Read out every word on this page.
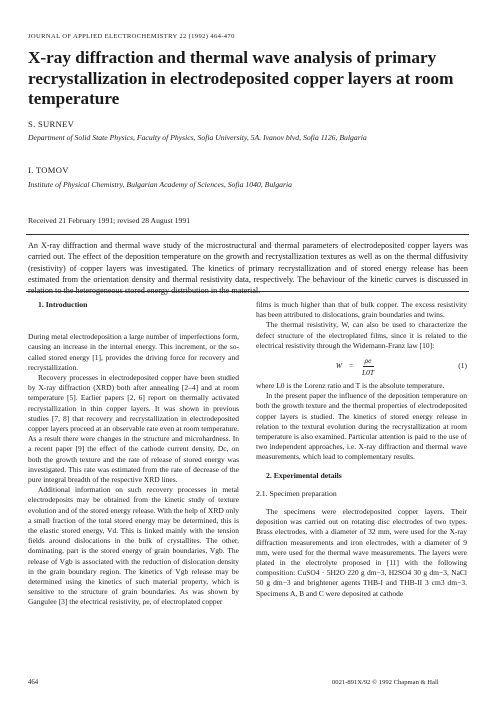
JOURNAL OF APPLIED ELECTROCHEMISTRY 22 (1992) 464-470
X-ray diffraction and thermal wave analysis of primary recrystallization in electrodeposited copper layers at room temperature
S. SURNEV
Department of Solid State Physics, Faculty of Physics, Sofia University, 5A. Ivanov blvd, Sofia 1126, Bulgaria
I. TOMOV
Institute of Physical Chemistry, Bulgarian Academy of Sciences, Sofia 1040, Bulgaria
Received 21 February 1991; revised 28 August 1991

An X-ray diffraction and thermal wave study of the microstructural and thermal parameters of electrodeposited copper layers was carried out. The effect of the deposition temperature on the growth and recrystallization textures as well as on the thermal diffusivity (resistivity) of copper layers was investigated. The kinetics of primary recrystallization and of stored energy release has been estimated from the orientation density and thermal resistivity data, respectively. The behaviour of the kinetic curves is discussed in relation to the heterogeneous stored energy distribution in the material.

1. Introduction

During metal electrodeposition a large number of imperfections form, causing an increase in the internal energy. This increment, or the so-called stored energy [1], provides the driving force for recovery and recrystallization.

Recovery processes in electrodeposited copper have been studied by X-ray diffraction (XRD) both after annealing [2–4] and at room temperature [5]. Earlier papers [2, 6] report on thermally activated recrystallization in thin copper layers. It was shown in previous studies [7, 8] that recovery and recrystallization in electrodeposited copper layers proceed at an observable rate even at room temperature. As a result there were changes in the structure and microhardness. In a recent paper [9] the effect of the cathode current density, Dc, on both the growth texture and the rate of release of stored energy was investigated. This rate was estimated from the rate of decrease of the pure integral breadth of the respective XRD lines.

Additional information on such recovery processes in metal electrodeposits may be obtained from the kinetic study of texture evolution and of the stored energy release. With the help of XRD only a small fraction of the total stored energy may be determined, this is the elastic stored energy, Vd. This is linked mainly with the tension fields around dislocations in the bulk of crystallites. The other, dominating, part is the stored energy of grain boundaries, Vgb. The release of Vgb is associated with the reduction of dislocation density in the grain boundary region. The kinetics of Vgb release may be determined using the kinetics of such material property, which is sensitive to the structure of grain boundaries. As was shown by Gangulee [3] the electrical resistivity, ρe, of electroplated copper

films is much higher than that of bulk copper. The excess resistivity has been attributed to dislocations, grain boundaries and twins.

The thermal resistivity, W, can also be used to characterize the defect structure of the electroplated films, since it is related to the electrical resistivity through the Widemann-Franz law [10]:

$W = \frac{\rho e}{L0T}$	(1)

where L0 is the Lorenz ratio and T is the absolute temperature.

In the present paper the influence of the deposition temperature on both the growth texture and the thermal properties of electrodeposited copper layers is studied. The kinetics of stored energy release in relation to the textural evolution during the recrystallization at room temperature is also examined. Particular attention is paid to the use of two independent approaches, i.e. X-ray diffraction and thermal wave measurements, which lead to complementary results.

2. Experimental details

2.1. Specimen preparation

The specimens were electrodeposited copper layers. Their deposition was carried out on rotating disc electrodes of two types. Brass electrodes, with a diameter of 32 mm, were used for the X-ray diffraction measurements and iron electrodes, with a diameter of 9 mm, were used for the thermal wave measurements. The layers were plated in the electrolyte proposed in [11] with the following composition: CuSO4 · 5H2O 220 g dm−3, H2SO4 30 g dm−3, NaCl 50 g dm−3 and brightener agents THB-I and THB-II 3 cm3 dm−3. Specimens A, B and C were deposited at cathode

464	0021-891X/92 © 1992 Chapman & Hall
